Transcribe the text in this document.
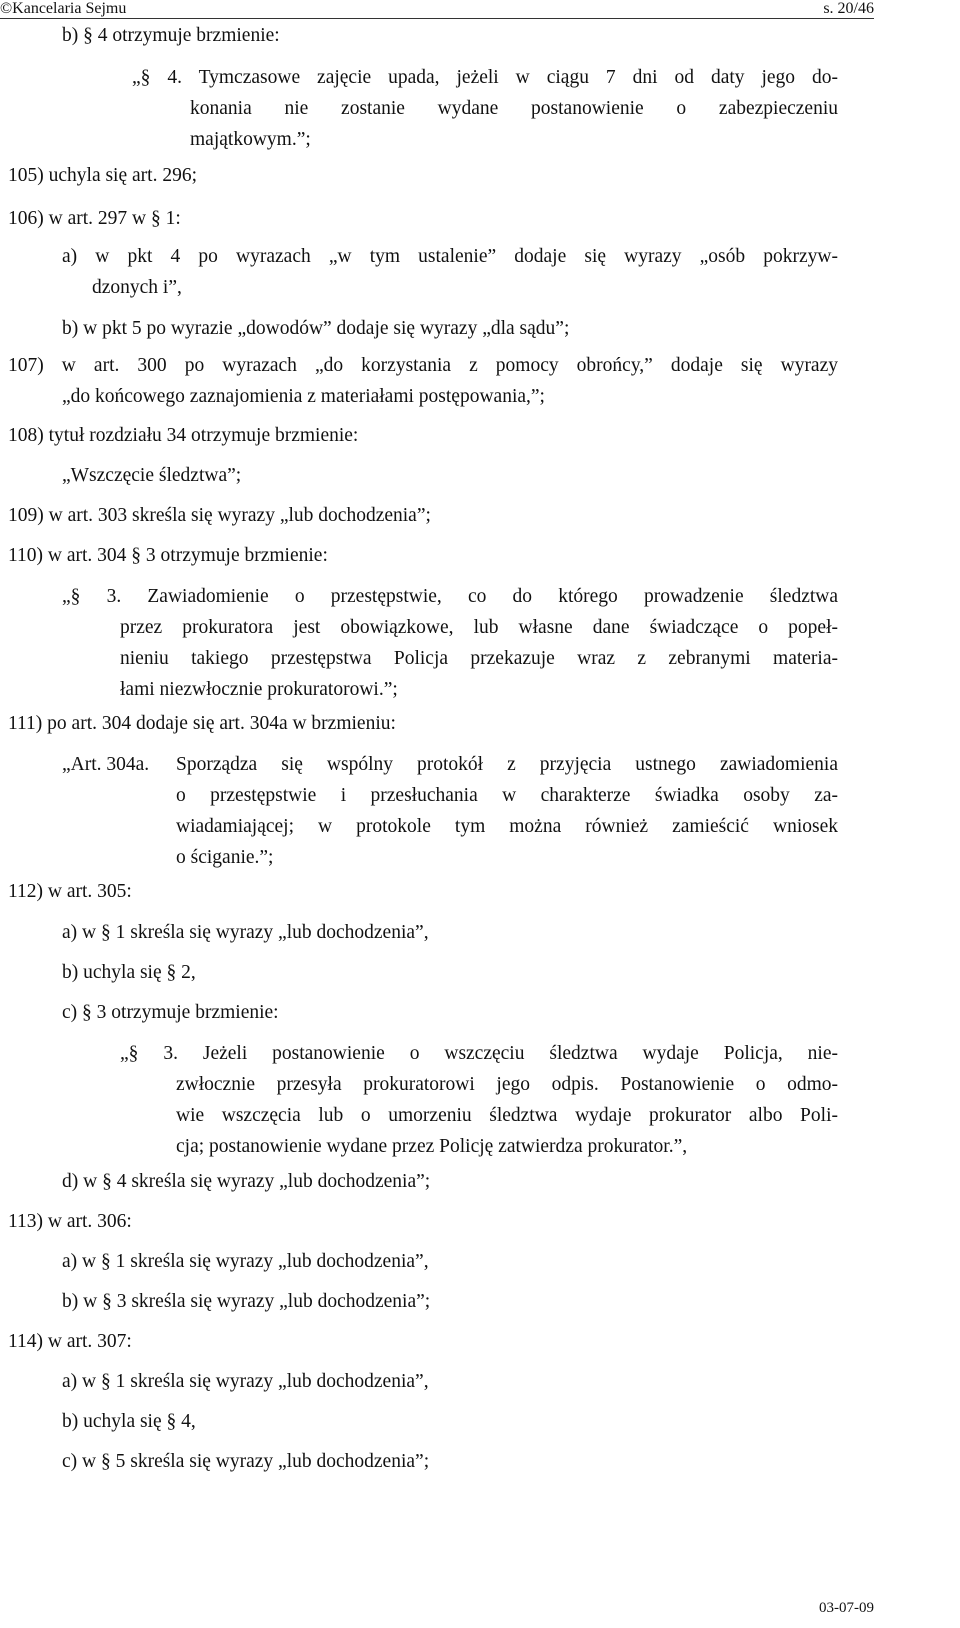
©Kancelaria Sejmu	s. 20/46
b) § 4 otrzymuje brzmienie:
„§ 4. Tymczasowe zajęcie upada, jeżeli w ciągu 7 dni od daty jego do-
konania nie zostanie wydane postanowienie o zabezpieczeniu
majątkowym.”;
105) uchyla się art. 296;
106) w art. 297 w § 1:
a) w pkt 4 po wyrazach „w tym ustalenie” dodaje się wyrazy „osób pokrzyw-
dzonych i”,
b) w pkt 5 po wyrazie „dowodów” dodaje się wyrazy „dla sądu”;
107) w art. 300 po wyrazach „do korzystania z pomocy obrońcy,” dodaje się wyrazy
„do końcowego zaznajomienia z materiałami postępowania,”;
108) tytuł rozdziału 34 otrzymuje brzmienie:
„Wszczęcie śledztwa”;
109) w art. 303 skreśla się wyrazy „lub dochodzenia”;
110) w art. 304 § 3 otrzymuje brzmienie:
„§ 3. Zawiadomienie o przestępstwie, co do którego prowadzenie śledztwa
przez prokuratora jest obowiązkowe, lub własne dane świadczące o popeł-
nieniu takiego przestępstwa Policja przekazuje wraz z zebranymi materia-
łami niezwłocznie prokuratorowi.”;
111) po art. 304 dodaje się art. 304a w brzmieniu:
„Art. 304a. Sporządza się wspólny protokół z przyjęcia ustnego zawiadomienia
o przestępstwie i przesłuchania w charakterze świadka osoby za-
wiadamiającej; w protokole tym można również zamieścić wniosek
o ściganie.”;
112) w art. 305:
a) w § 1 skreśla się wyrazy „lub dochodzenia”,
b) uchyla się § 2,
c) § 3 otrzymuje brzmienie:
„§ 3. Jeżeli postanowienie o wszczęciu śledztwa wydaje Policja, nie-
zwłocznie przesyła prokuratorowi jego odpis. Postanowienie o odmo-
wie wszczęcia lub o umorzeniu śledztwa wydaje prokurator albo Poli-
cja; postanowienie wydane przez Policję zatwierdza prokurator.”,
d) w § 4 skreśla się wyrazy „lub dochodzenia”;
113) w art. 306:
a) w § 1 skreśla się wyrazy „lub dochodzenia”,
b) w § 3 skreśla się wyrazy „lub dochodzenia”;
114) w art. 307:
a) w § 1 skreśla się wyrazy „lub dochodzenia”,
b) uchyla się § 4,
c) w § 5 skreśla się wyrazy „lub dochodzenia”;
03-07-09
